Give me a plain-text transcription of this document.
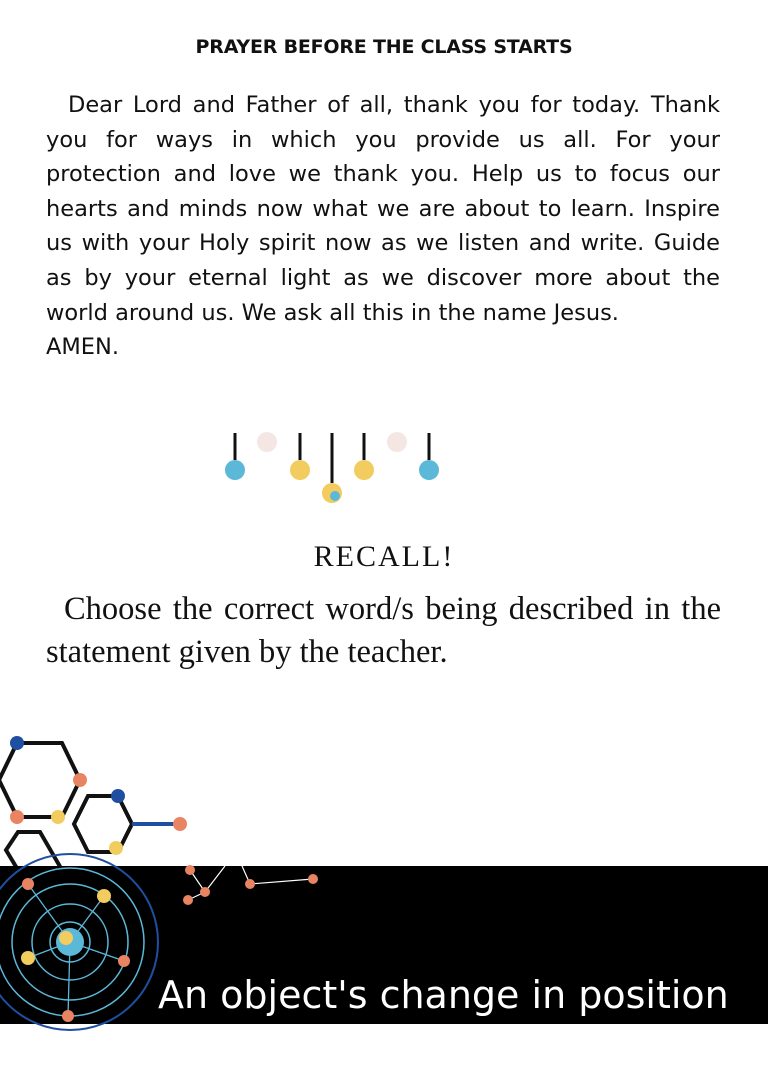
PRAYER BEFORE THE CLASS STARTS

Dear Lord and Father of all, thank you for today. Thank you for ways in which you provide us all. For your protection and love we thank you. Help us to focus our hearts and minds now what we are about to learn. Inspire us with your Holy spirit now as we listen and write. Guide as by your eternal light as we discover more about the world around us. We ask all this in the name Jesus.

AMEN.

RECALL!
Choose the correct word/s being described in the statement given by the teacher.
An object's change in position
relative to a reference point
